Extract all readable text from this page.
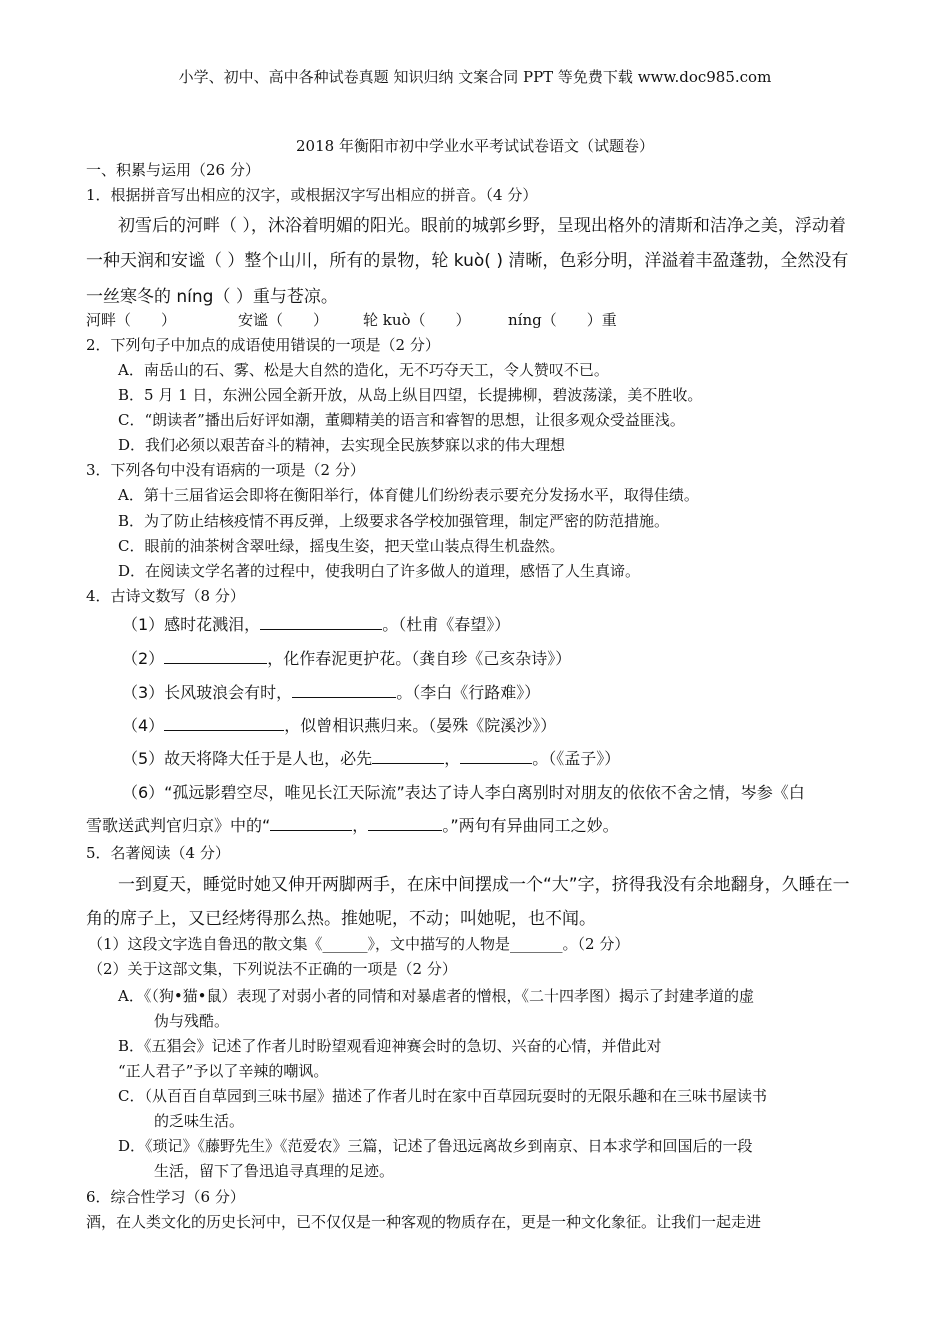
小学、初中、高中各种试卷真题 知识归纳 文案合同 PPT 等免费下载 www.doc985.com
2018 年衡阳市初中学业水平考试试卷语文（试题卷）
一、积累与运用（26 分）
1．根据拼音写出相应的汉字，或根据汉字写出相应的拼音。（4 分）
初雪后的河畔（ ），沐浴着明媚的阳光。眼前的城郭乡野，呈现出格外的清斯和洁净之美，浮动着
一种天润和安谧（ ）整个山川，所有的景物，轮 kuò( ) 清晰，色彩分明，洋溢着丰盈蓬勃，全然没有
一丝寒冬的 níng（ ）重与苍凉。
河畔（　　）	安谧（　　） 轮 kuò（　　） níng（　　）重
2．下列句子中加点的成语使用错误的一项是（2 分）
A．南岳山的石、雾、松是大自然的造化，无不巧夺天工，令人赞叹不已。
B．5 月 1 日，东洲公园全新开放，从岛上纵目四望，长提拂柳，碧波荡漾，美不胜收。
C．“朗读者”播出后好评如潮，董卿精美的语言和睿智的思想，让很多观众受益匪浅。
D．我们必须以艰苦奋斗的精神，去实现全民族梦寐以求的伟大理想
3．下列各句中没有语病的一项是（2 分）
A．第十三届省运会即将在衡阳举行，体育健儿们纷纷表示要充分发扬水平，取得佳绩。
B．为了防止结核疫情不再反弹，上级要求各学校加强管理，制定严密的防范措施。
C．眼前的油茶树含翠吐绿，摇曳生姿，把天堂山装点得生机盎然。
D．在阅读文学名著的过程中，使我明白了许多做人的道理，感悟了人生真谛。
4．古诗文数写（8 分）
（1）感时花溅泪，	。（杜甫《春望》）
（2）	，化作春泥更护花。（龚自珍《己亥杂诗》）
（3）长风玻浪会有时，	。（李白《行路难》）
（4）	，似曾相识燕归来。（晏殊《院溪沙》）
（5）故天将降大任于是人也，必先	，	。（《孟子》）
（6）“孤远影碧空尽，唯见长江天际流”表达了诗人李白离别时对朋友的依依不舍之情，岑参《白
雪歌送武判官归京》中的“	，	。”两句有异曲同工之妙。
5．名著阅读（4 分）
一到夏天，睡觉时她又伸开两脚两手，在床中间摆成一个“大”字，挤得我没有余地翻身，久睡在一
角的席子上，又已经烤得那么热。推她呢，不动；叫她呢，也不闻。
（1）这段文字选自鲁迅的散文集《______》，文中描写的人物是_______。（2 分）
（2）关于这部文集，下列说法不正确的一项是（2 分）
A．《（狗•猫•鼠）表现了对弱小者的同情和对暴虐者的憎根，《二十四孝图）揭示了封建孝道的虚
伪与残酷。
B．《五猖会》记述了作者儿时盼望观看迎神赛会时的急切、兴奋的心情，并借此对
“正人君子”予以了辛辣的嘲讽。
C．（从百百自草园到三味书屋》描述了作者儿时在家中百草园玩耍时的无限乐趣和在三味书屋读书
的乏味生活。
D．《琐记》《藤野先生》《范爱农》三篇，记述了鲁迅远离故乡到南京、日本求学和回国后的一段
生活，留下了鲁迅追寻真理的足迹。
6．综合性学习（6 分）
酒，在人类文化的历史长河中，已不仅仅是一种客观的物质存在，更是一种文化象征。让我们一起走进
